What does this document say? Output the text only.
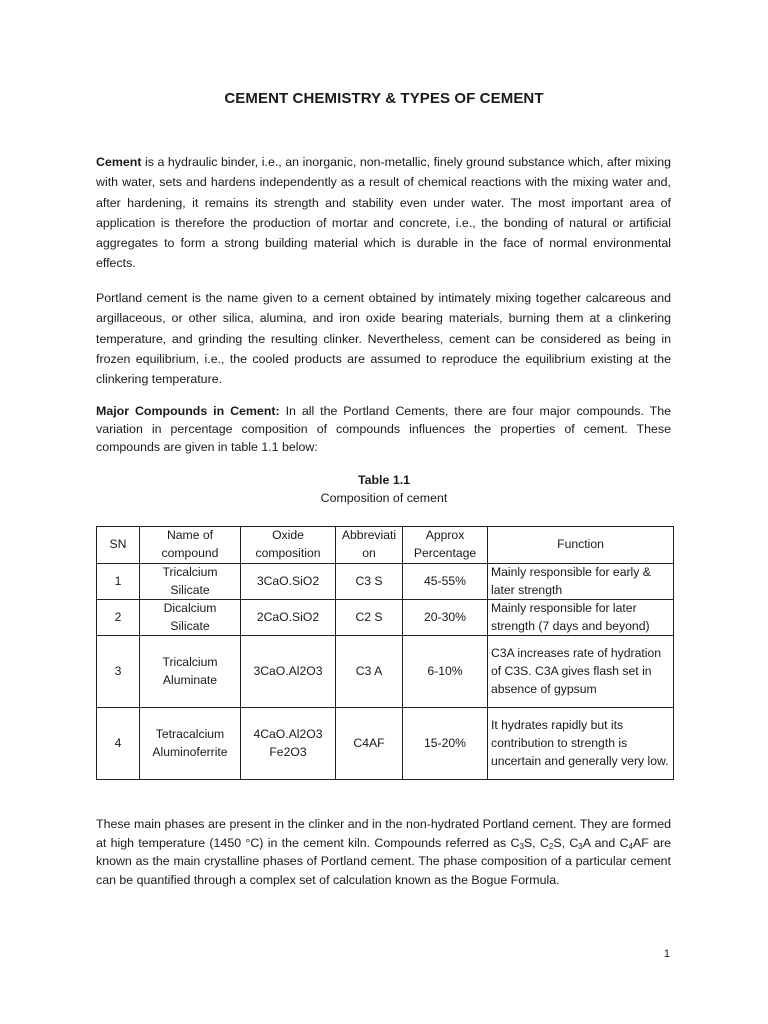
CEMENT CHEMISTRY & TYPES OF CEMENT

Cement is a hydraulic binder, i.e., an inorganic, non-metallic, finely ground substance which, after mixing with water, sets and hardens independently as a result of chemical reactions with the mixing water and, after hardening, it remains its strength and stability even under water. The most important area of application is therefore the production of mortar and concrete, i.e., the bonding of natural or artificial aggregates to form a strong building material which is durable in the face of normal environmental effects.

Portland cement is the name given to a cement obtained by intimately mixing together calcareous and argillaceous, or other silica, alumina, and iron oxide bearing materials, burning them at a clinkering temperature, and grinding the resulting clinker. Nevertheless, cement can be considered as being in frozen equilibrium, i.e., the cooled products are assumed to reproduce the equilibrium existing at the clinkering temperature.

Major Compounds in Cement: In all the Portland Cements, there are four major compounds. The variation in percentage composition of compounds influences the properties of cement. These compounds are given in table 1.1 below:

Table 1.1
Composition of cement
SN	Name of compound	Oxide composition	Abbreviati on	Approx Percentage	Function
1	Tricalcium Silicate	3CaO.SiO2	C3 S	45-55%	Mainly responsible for early & later strength
2	Dicalcium Silicate	2CaO.SiO2	C2 S	20-30%	Mainly responsible for later strength (7 days and beyond)
3	Tricalcium Aluminate	3CaO.Al2O3	C3 A	6-10%	C3A increases rate of hydration of C3S. C3A gives flash set in absence of gypsum
4	Tetracalcium Aluminoferrite	4CaO.Al2O3 Fe2O3	C4AF	15-20%	It hydrates rapidly but its contribution to strength is uncertain and generally very low.

These main phases are present in the clinker and in the non-hydrated Portland cement. They are formed at high temperature (1450 °C) in the cement kiln. Compounds referred as $C_3S$, $C_2S$, $C_3A$ and $C_4AF$ are known as the main crystalline phases of Portland cement. The phase composition of a particular cement can be quantified through a complex set of calculation known as the Bogue Formula.

1
